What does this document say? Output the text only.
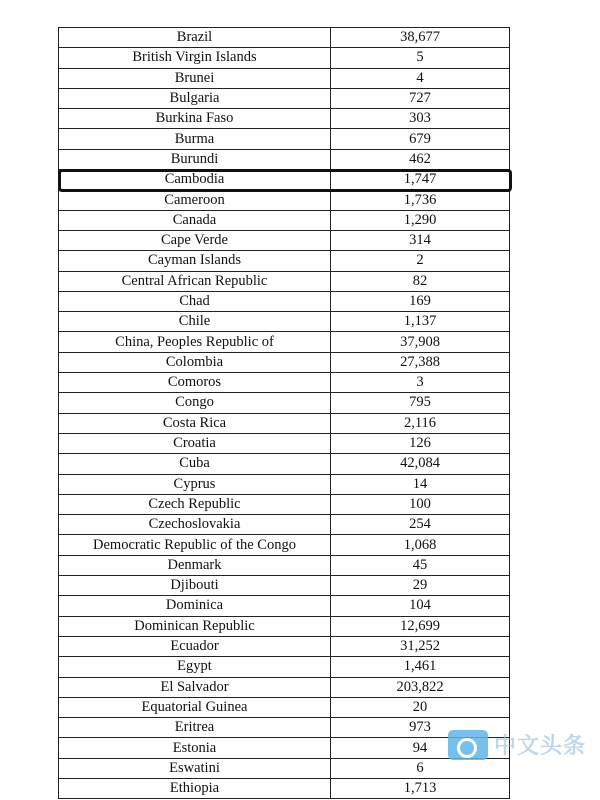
Brazil	38,677
British Virgin Islands	5
Brunei	4
Bulgaria	727
Burkina Faso	303
Burma	679
Burundi	462
Cambodia	1,747
Cameroon	1,736
Canada	1,290
Cape Verde	314
Cayman Islands	2
Central African Republic	82
Chad	169
Chile	1,137
China, Peoples Republic of	37,908
Colombia	27,388
Comoros	3
Congo	795
Costa Rica	2,116
Croatia	126
Cuba	42,084
Cyprus	14
Czech Republic	100
Czechoslovakia	254
Democratic Republic of the Congo	1,068
Denmark	45
Djibouti	29
Dominica	104
Dominican Republic	12,699
Ecuador	31,252
Egypt	1,461
El Salvador	203,822
Equatorial Guinea	20
Eritrea	973
Estonia	94
Eswatini	6
Ethiopia	1,713
中文头条
